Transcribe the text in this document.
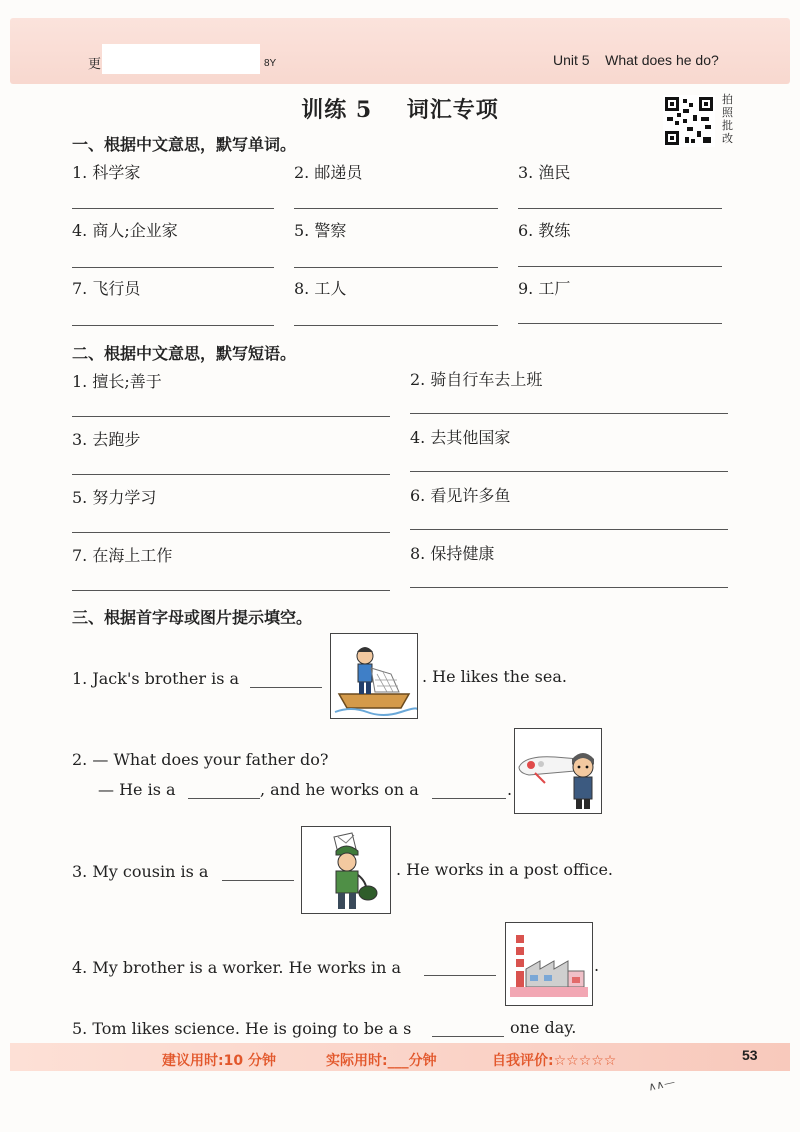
更	8Y	Unit 5    What does he do?
训练 5    词汇专项	拍照批改
一、根据中文意思，默写单词。
1. 科学家	2. 邮递员	3. 渔民
4. 商人;企业家	5. 警察	6. 教练
7. 飞行员	8. 工人	9. 工厂
二、根据中文意思，默写短语。
1. 擅长;善于	2. 骑自行车去上班
3. 去跑步	4. 去其他国家
5. 努力学习	6. 看见许多鱼
7. 在海上工作	8. 保持健康
三、根据首字母或图片提示填空。
1. Jack's brother is a	. He likes the sea.
2. — What does your father do?
— He is a	, and he works on a	.
3. My cousin is a	. He works in a post office.
4. My brother is a worker. He works in a	.
5. Tom likes science. He is going to be a s	one day.
建议用时:10 分钟	实际用时:___分钟	自我评价:☆☆☆☆☆	53
∧∧—
